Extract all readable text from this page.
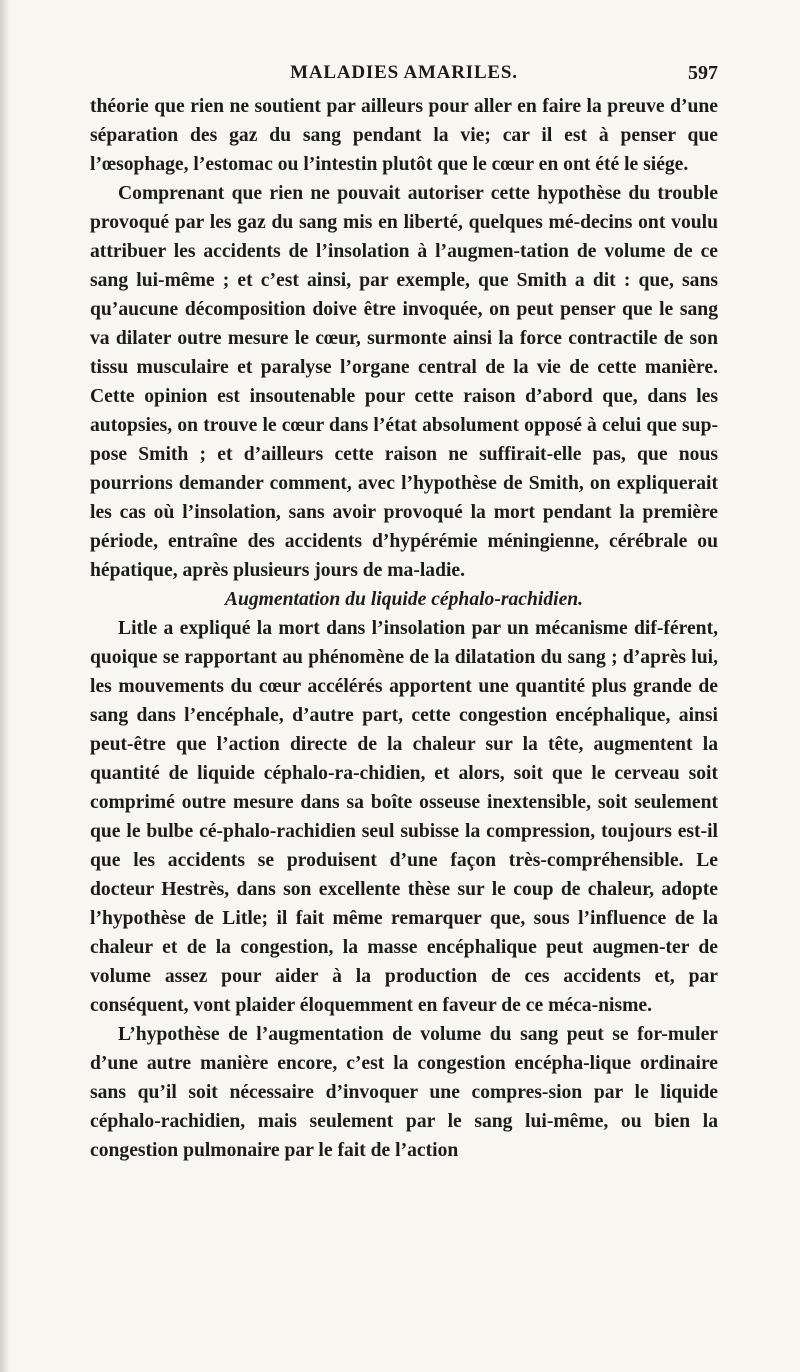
MALADIES AMARILES.	597

théorie que rien ne soutient par ailleurs pour aller en faire la preuve d’une séparation des gaz du sang pendant la vie; car il est à penser que l’œsophage, l’estomac ou l’intestin plutôt que le cœur en ont été le siége.

Comprenant que rien ne pouvait autoriser cette hypothèse du trouble provoqué par les gaz du sang mis en liberté, quelques mé-decins ont voulu attribuer les accidents de l’insolation à l’augmen-tation de volume de ce sang lui-même ; et c’est ainsi, par exemple, que Smith a dit : que, sans qu’aucune décomposition doive être invoquée, on peut penser que le sang va dilater outre mesure le cœur, surmonte ainsi la force contractile de son tissu musculaire et paralyse l’organe central de la vie de cette manière. Cette opinion est insoutenable pour cette raison d’abord que, dans les autopsies, on trouve le cœur dans l’état absolument opposé à celui que sup-pose Smith ; et d’ailleurs cette raison ne suffirait-elle pas, que nous pourrions demander comment, avec l’hypothèse de Smith, on expliquerait les cas où l’insolation, sans avoir provoqué la mort pendant la première période, entraîne des accidents d’hypérémie méningienne, cérébrale ou hépatique, après plusieurs jours de ma-ladie.

Augmentation du liquide céphalo-rachidien.

Litle a expliqué la mort dans l’insolation par un mécanisme dif-férent, quoique se rapportant au phénomène de la dilatation du sang ; d’après lui, les mouvements du cœur accélérés apportent une quantité plus grande de sang dans l’encéphale, d’autre part, cette congestion encéphalique, ainsi peut-être que l’action directe de la chaleur sur la tête, augmentent la quantité de liquide céphalo-ra-chidien, et alors, soit que le cerveau soit comprimé outre mesure dans sa boîte osseuse inextensible, soit seulement que le bulbe cé-phalo-rachidien seul subisse la compression, toujours est-il que les accidents se produisent d’une façon très-compréhensible. Le docteur Hestrès, dans son excellente thèse sur le coup de chaleur, adopte l’hypothèse de Litle; il fait même remarquer que, sous l’influence de la chaleur et de la congestion, la masse encéphalique peut augmen-ter de volume assez pour aider à la production de ces accidents et, par conséquent, vont plaider éloquemment en faveur de ce méca-nisme.

L’hypothèse de l’augmentation de volume du sang peut se for-muler d’une autre manière encore, c’est la congestion encépha-lique ordinaire sans qu’il soit nécessaire d’invoquer une compres-sion par le liquide céphalo-rachidien, mais seulement par le sang lui-même, ou bien la congestion pulmonaire par le fait de l’action
